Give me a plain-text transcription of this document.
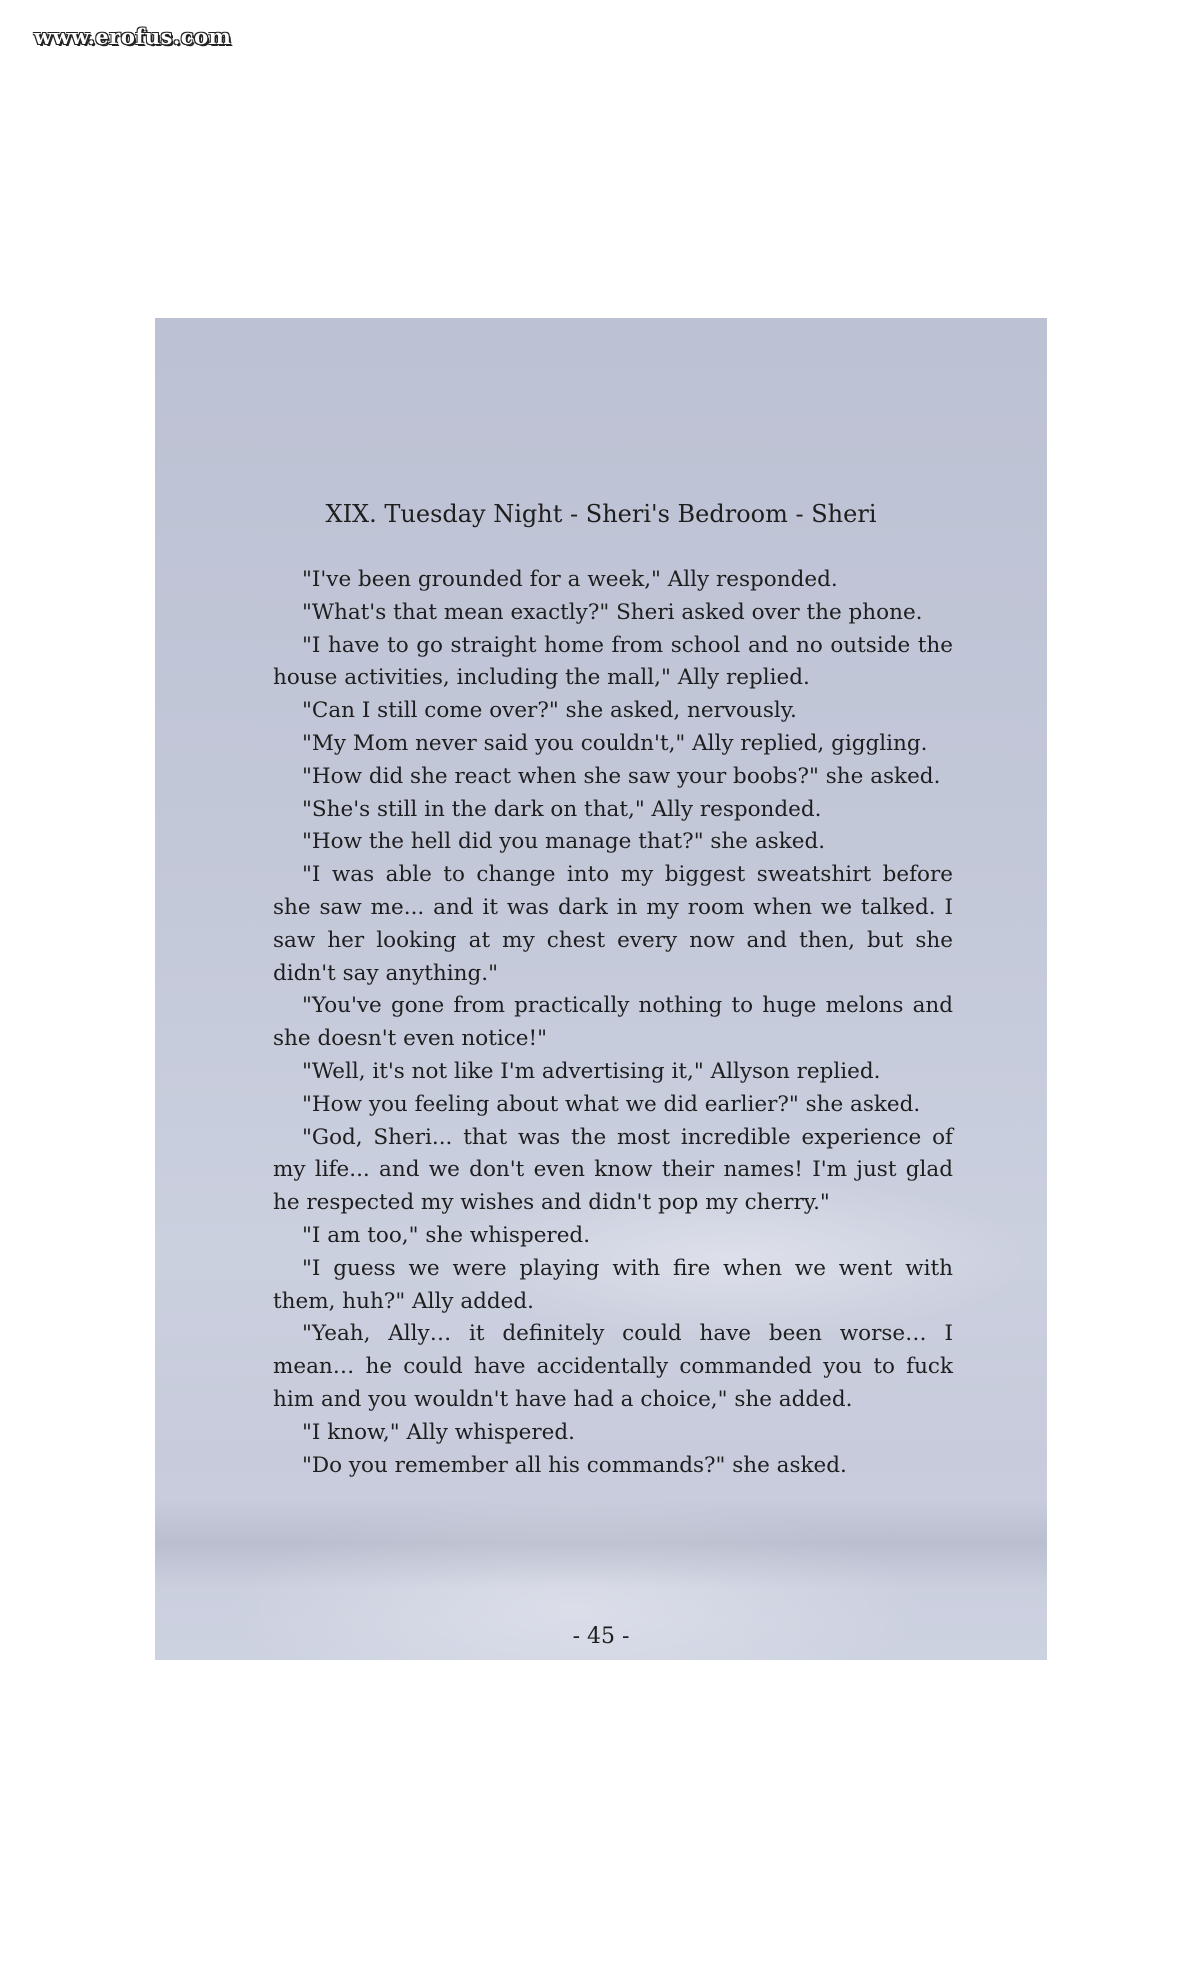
www.erofus.com
XIX. Tuesday Night - Sheri's Bedroom - Sheri

"I've been grounded for a week," Ally responded.

"What's that mean exactly?" Sheri asked over the phone.

"I have to go straight home from school and no outside the house activities, including the mall," Ally replied.

"Can I still come over?" she asked, nervously.

"My Mom never said you couldn't," Ally replied, giggling.

"How did she react when she saw your boobs?" she asked.

"She's still in the dark on that," Ally responded.

"How the hell did you manage that?" she asked.

"I was able to change into my biggest sweatshirt before she saw me... and it was dark in my room when we talked. I saw her looking at my chest every now and then, but she didn't say anything."

"You've gone from practically nothing to huge melons and she doesn't even notice!"

"Well, it's not like I'm advertising it," Allyson replied.

"How you feeling about what we did earlier?" she asked.

"God, Sheri... that was the most incredible experience of my life... and we don't even know their names! I'm just glad he respected my wishes and didn't pop my cherry."

"I am too," she whispered.

"I guess we were playing with fire when we went with them, huh?" Ally added.

"Yeah, Ally… it definitely could have been worse… I mean… he could have accidentally commanded you to fuck him and you wouldn't have had a choice," she added.

"I know," Ally whispered.

"Do you remember all his commands?" she asked.

- 45 -
